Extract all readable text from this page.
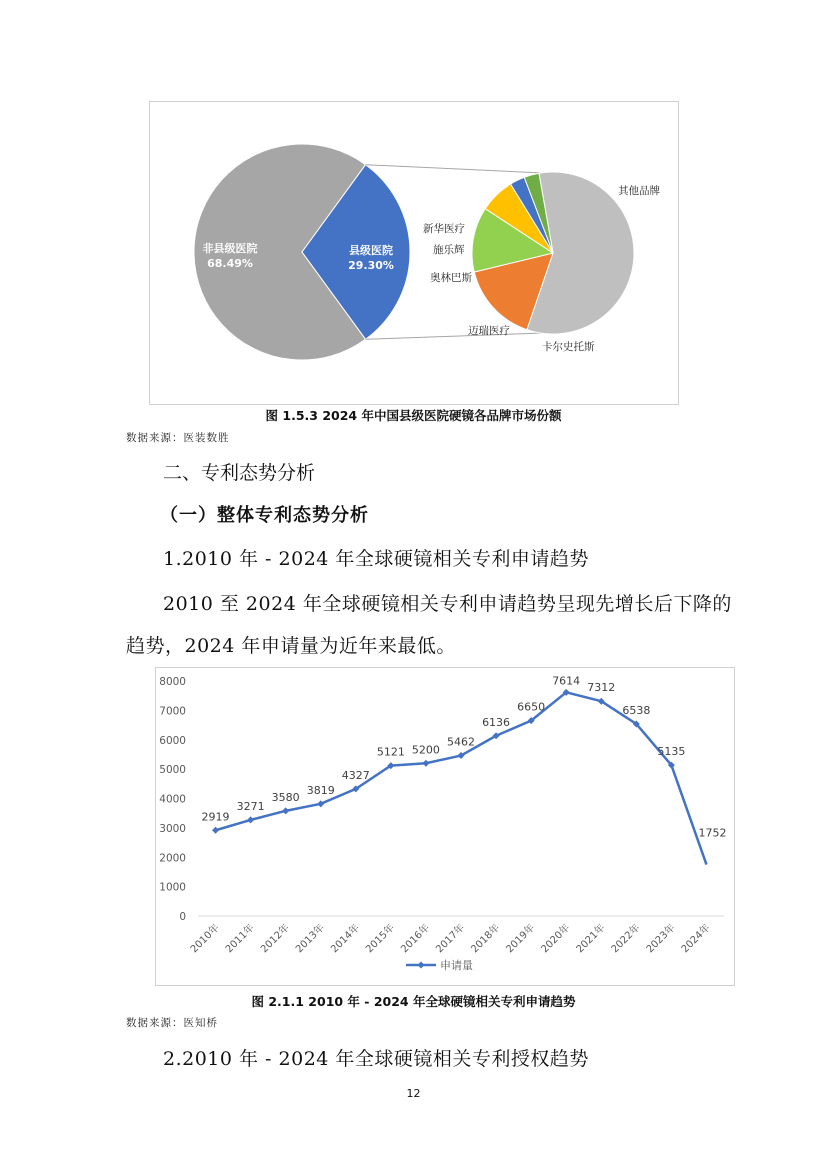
非县级医院
68.49%
县级医院
29.30%
其他品牌
卡尔史托斯
迈瑞医疗
奥林巴斯
施乐辉
新华医疗
图 1.5.3 2024 年中国县级医院硬镜各品牌市场份额
数据来源：医装数胜
二、专利态势分析
（一）整体专利态势分析
1.2010 年 - 2024 年全球硬镜相关专利申请趋势
2010 至 2024 年全球硬镜相关专利申请趋势呈现先增长后下降的
趋势，2024 年申请量为近年来最低。
0
1000
2000
3000
4000
5000
6000
7000
8000
2010年 2011年 2012年 2013年 2014年 2015年 2016年 2017年 2018年 2019年 2020年 2021年 2022年 2023年 2024年
2919
3271
3580
3819
4327
5121 5200
5462
6136
6650
7614
7312
6538
5135
1752
申请量
图 2.1.1 2010 年 - 2024 年全球硬镜相关专利申请趋势
数据来源：医知桥
2.2010 年 - 2024 年全球硬镜相关专利授权趋势
12
